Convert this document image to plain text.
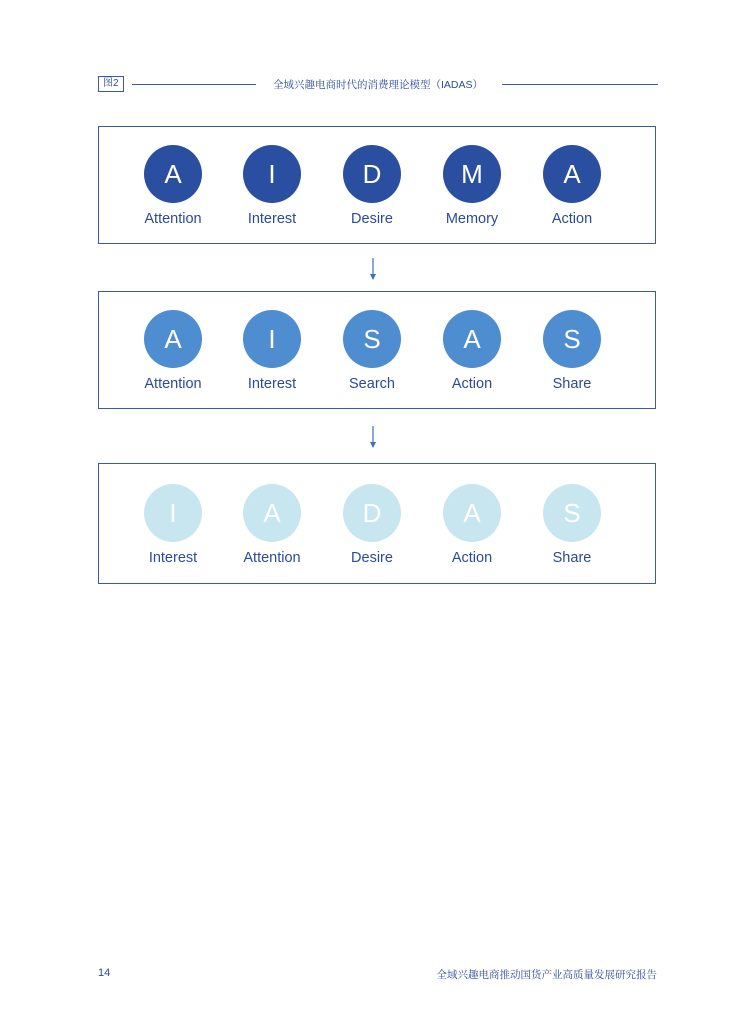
图2	全域兴趣电商时代的消费理论模型（IADAS）
A
Attention
I
Interest
D
Desire
M
Memory
A
Action
A
Attention
I
Interest
S
Search
A
Action
S
Share
I
Interest
A
Attention
D
Desire
A
Action
S
Share
14	全域兴趣电商推动国货产业高质量发展研究报告
